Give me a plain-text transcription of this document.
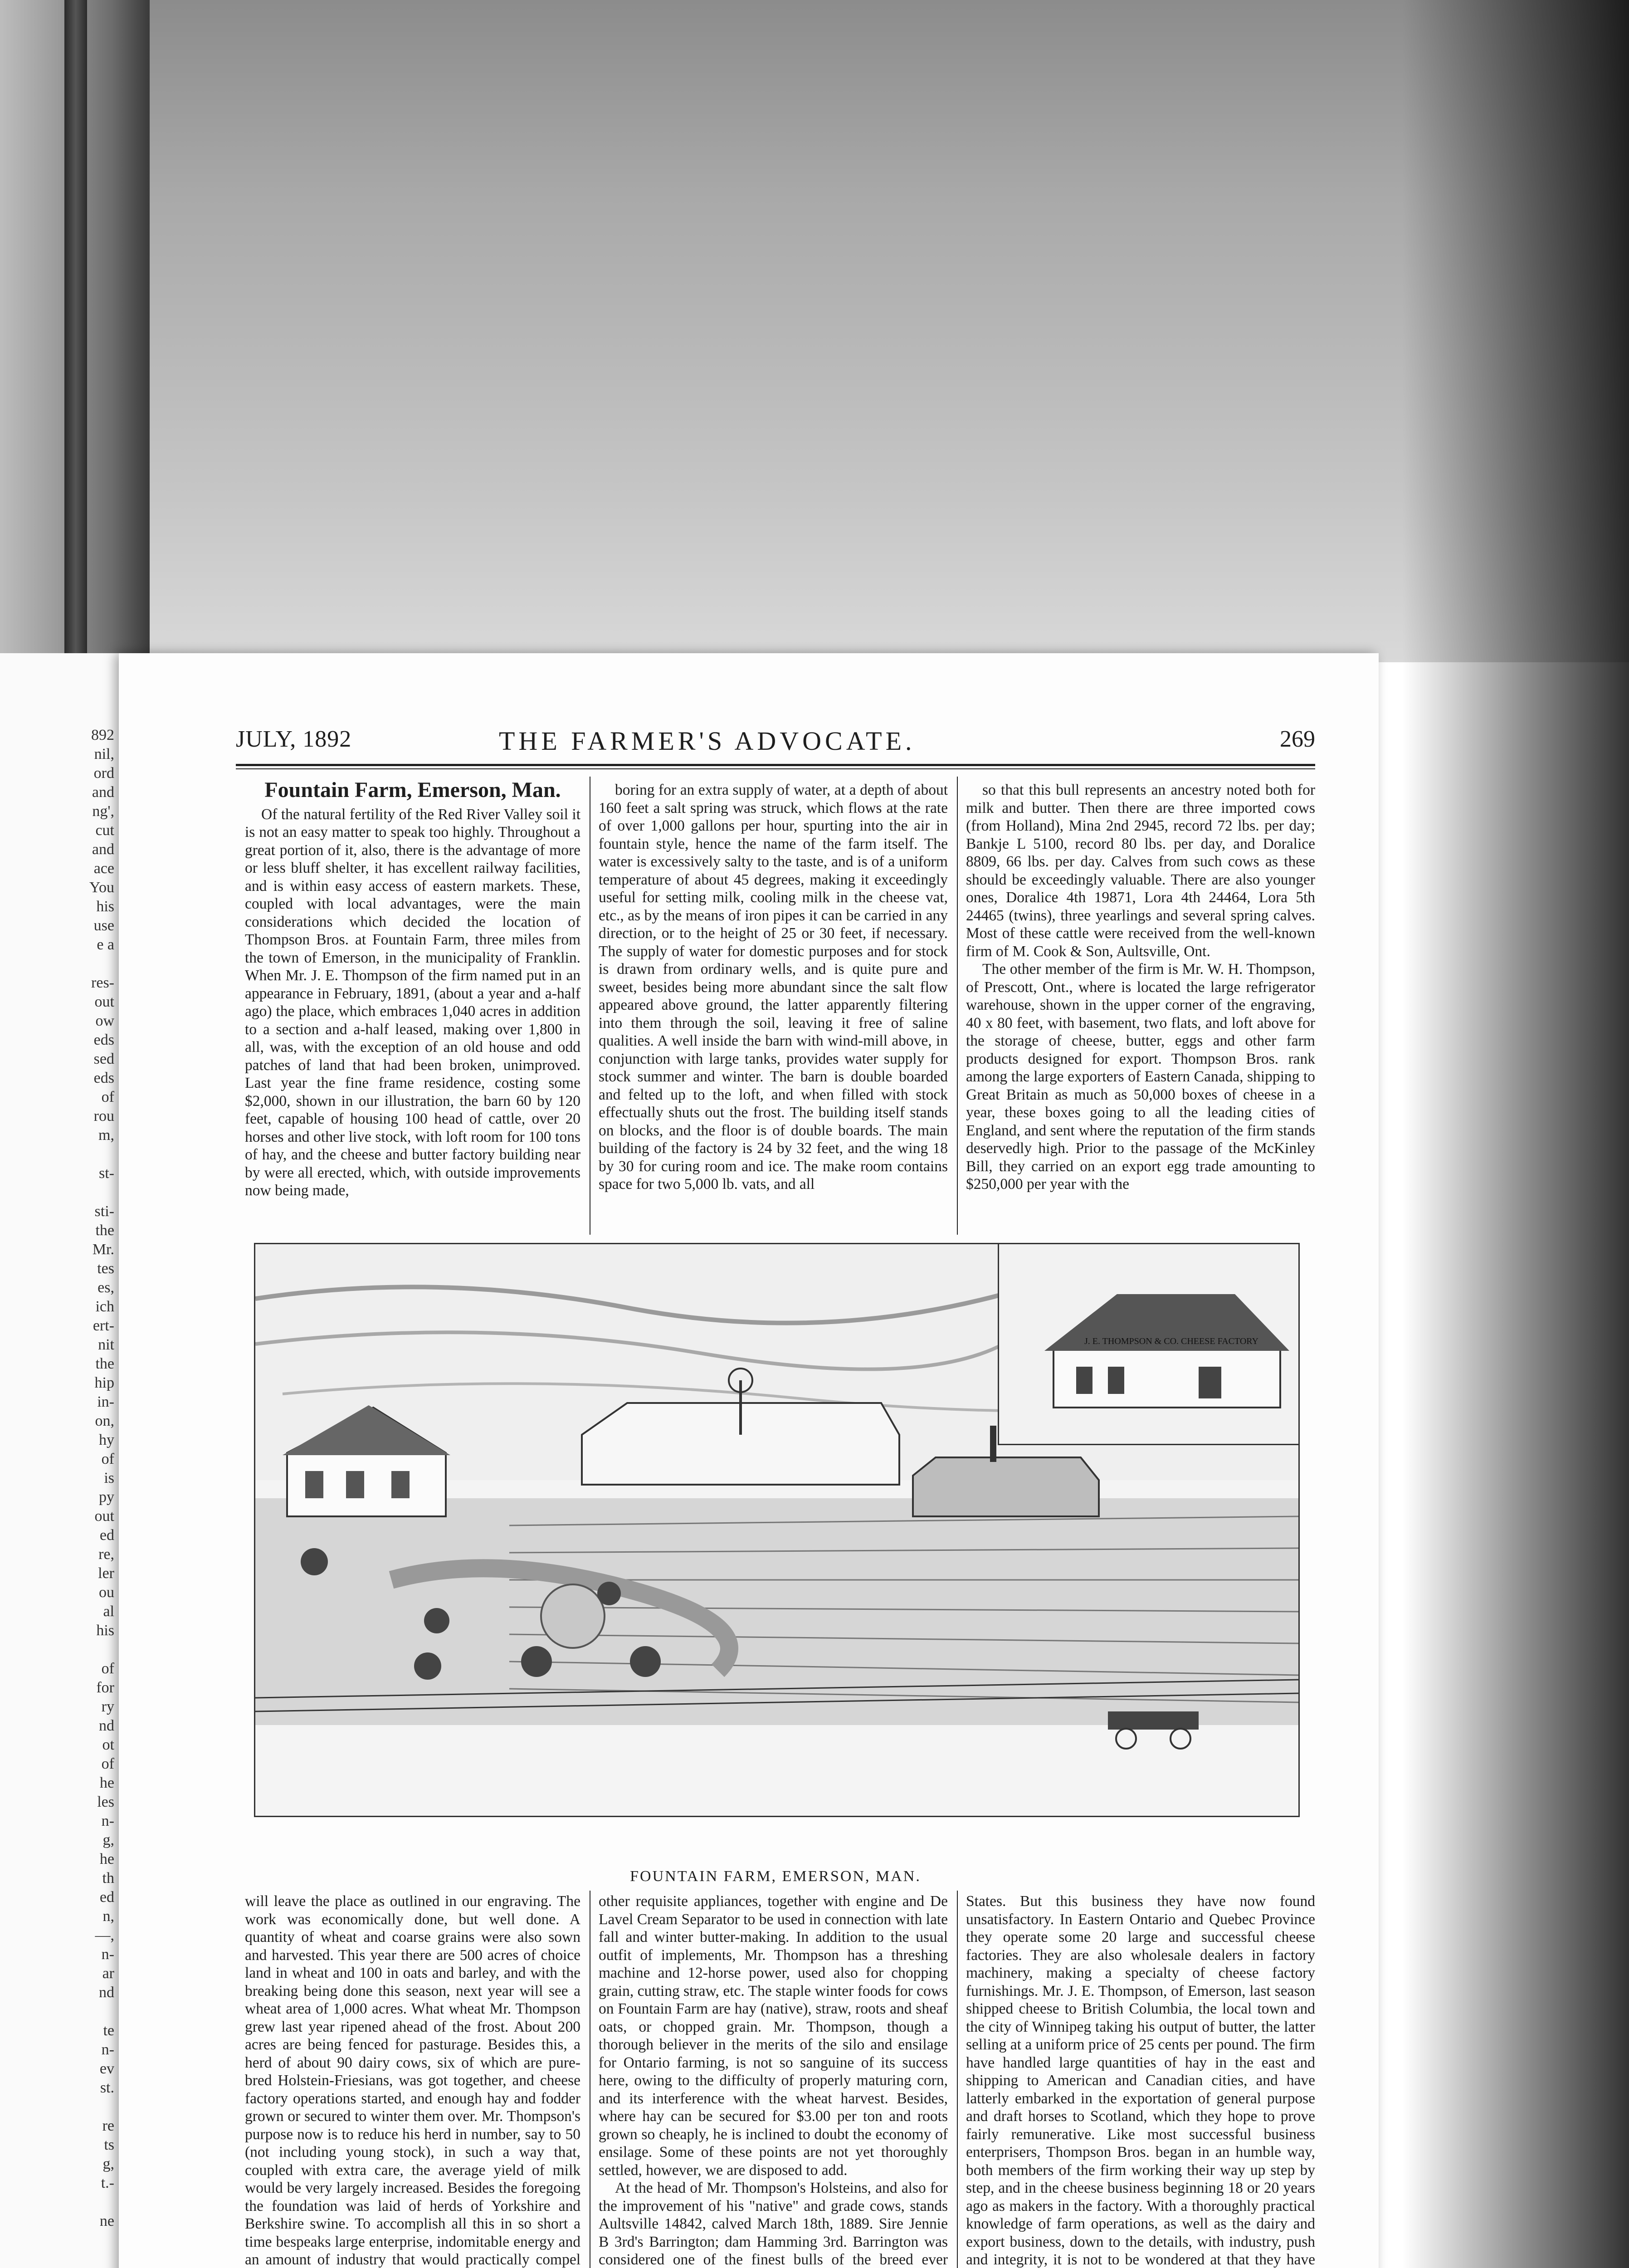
892
nil,
ord
and
ng',
cut
and
ace
You
his
use
e a

res-
out
ow
eds
sed
eds
of
rou
m,

st-

sti-
the
Mr.
tes
es,
ich
ert-
nit
the
hip
in-
on,
hy
of
is
py
out
ed
re,
ler
ou
al
his

of
for
ry
nd
ot
of
he
les
n-
g,
he
th
ed
n,
—,
n-
ar
nd

te
n-
ev
st.

re
ts
g,
t.-

ne
JULY, 1892	THE FARMER'S ADVOCATE.	269
Fountain Farm, Emerson, Man.

Of the natural fertility of the Red River Valley soil it is not an easy matter to speak too highly. Throughout a great portion of it, also, there is the advantage of more or less bluff shelter, it has excellent railway facilities, and is within easy access of eastern markets. These, coupled with local advantages, were the main considerations which decided the location of Thompson Bros. at Fountain Farm, three miles from the town of Emerson, in the municipality of Franklin. When Mr. J. E. Thompson of the firm named put in an appearance in February, 1891, (about a year and a-half ago) the place, which embraces 1,040 acres in addition to a section and a-half leased, making over 1,800 in all, was, with the exception of an old house and odd patches of land that had been broken, unimproved. Last year the fine frame residence, costing some $2,000, shown in our illustration, the barn 60 by 120 feet, capable of housing 100 head of cattle, over 20 horses and other live stock, with loft room for 100 tons of hay, and the cheese and butter factory building near by were all erected, which, with outside improvements now being made,

boring for an extra supply of water, at a depth of about 160 feet a salt spring was struck, which flows at the rate of over 1,000 gallons per hour, spurting into the air in fountain style, hence the name of the farm itself. The water is excessively salty to the taste, and is of a uniform temperature of about 45 degrees, making it exceedingly useful for setting milk, cooling milk in the cheese vat, etc., as by the means of iron pipes it can be carried in any direction, or to the height of 25 or 30 feet, if necessary. The supply of water for domestic purposes and for stock is drawn from ordinary wells, and is quite pure and sweet, besides being more abundant since the salt flow appeared above ground, the latter apparently filtering into them through the soil, leaving it free of saline qualities. A well inside the barn with wind-mill above, in conjunction with large tanks, provides water supply for stock summer and winter. The barn is double boarded and felted up to the loft, and when filled with stock effectually shuts out the frost. The building itself stands on blocks, and the floor is of double boards. The main building of the factory is 24 by 32 feet, and the wing 18 by 30 for curing room and ice. The make room contains space for two 5,000 lb. vats, and all

so that this bull represents an ancestry noted both for milk and butter. Then there are three imported cows (from Holland), Mina 2nd 2945, record 72 lbs. per day; Bankje L 5100, record 80 lbs. per day, and Doralice 8809, 66 lbs. per day. Calves from such cows as these should be exceedingly valuable. There are also younger ones, Doralice 4th 19871, Lora 4th 24464, Lora 5th 24465 (twins), three yearlings and several spring calves. Most of these cattle were received from the well-known firm of M. Cook & Son, Aultsville, Ont.

The other member of the firm is Mr. W. H. Thompson, of Prescott, Ont., where is located the large refrigerator warehouse, shown in the upper corner of the engraving, 40 x 80 feet, with basement, two flats, and loft above for the storage of cheese, butter, eggs and other farm products designed for export. Thompson Bros. rank among the large exporters of Eastern Canada, shipping to Great Britain as much as 50,000 boxes of cheese in a year, these boxes going to all the leading cities of England, and sent where the reputation of the firm stands deservedly high. Prior to the passage of the McKinley Bill, they carried on an export egg trade amounting to $250,000 per year with the

J. E. THOMPSON & CO. CHEESE FACTORY
FOUNTAIN FARM, EMERSON, MAN.

will leave the place as outlined in our engraving. The work was economically done, but well done. A quantity of wheat and coarse grains were also sown and harvested. This year there are 500 acres of choice land in wheat and 100 in oats and barley, and with the breaking being done this season, next year will see a wheat area of 1,000 acres. What wheat Mr. Thompson grew last year ripened ahead of the frost. About 200 acres are being fenced for pasturage. Besides this, a herd of about 90 dairy cows, six of which are pure-bred Holstein-Friesians, was got together, and cheese factory operations started, and enough hay and fodder grown or secured to winter them over. Mr. Thompson's purpose now is to reduce his herd in number, say to 50 (not including young stock), in such a way that, coupled with extra care, the average yield of milk would be very largely increased. Besides the foregoing the foundation was laid of herds of Yorkshire and Berkshire swine. To accomplish all this in so short a time bespeaks large enterprise, indomitable energy and an amount of industry that would practically compel

other requisite appliances, together with engine and De Lavel Cream Separator to be used in connection with late fall and winter butter-making. In addition to the usual outfit of implements, Mr. Thompson has a threshing machine and 12-horse power, used also for chopping grain, cutting straw, etc. The staple winter foods for cows on Fountain Farm are hay (native), straw, roots and sheaf oats, or chopped grain. Mr. Thompson, though a thorough believer in the merits of the silo and ensilage for Ontario farming, is not so sanguine of its success here, owing to the difficulty of properly maturing corn, and its interference with the wheat harvest. Besides, where hay can be secured for $3.00 per ton and roots grown so cheaply, he is inclined to doubt the economy of ensilage. Some of these points are not yet thoroughly settled, however, we are disposed to add.

At the head of Mr. Thompson's Holsteins, and also for the improvement of his "native" and grade cows, stands Aultsville 14842, calved March 18th, 1889. Sire Jennie B 3rd's Barrington; dam Hamming 3rd. Barrington was considered one of the finest bulls of the breed ever

States. But this business they have now found unsatisfactory. In Eastern Ontario and Quebec Province they operate some 20 large and successful cheese factories. They are also wholesale dealers in factory machinery, making a specialty of cheese factory furnishings. Mr. J. E. Thompson, of Emerson, last season shipped cheese to British Columbia, the local town and the city of Winnipeg taking his output of butter, the latter selling at a uniform price of 25 cents per pound. The firm have handled large quantities of hay in the east and shipping to American and Canadian cities, and have latterly embarked in the exportation of general purpose and draft horses to Scotland, which they hope to prove fairly remunerative. Like most successful business enterprisers, Thompson Bros. began in an humble way, both members of the firm working their way up step by step, and in the cheese business beginning 18 or 20 years ago as makers in the factory. With a thoroughly practical knowledge of farm operations, as well as the dairy and export business, down to the details, with industry, push and integrity, it is not to be wondered at that they have
